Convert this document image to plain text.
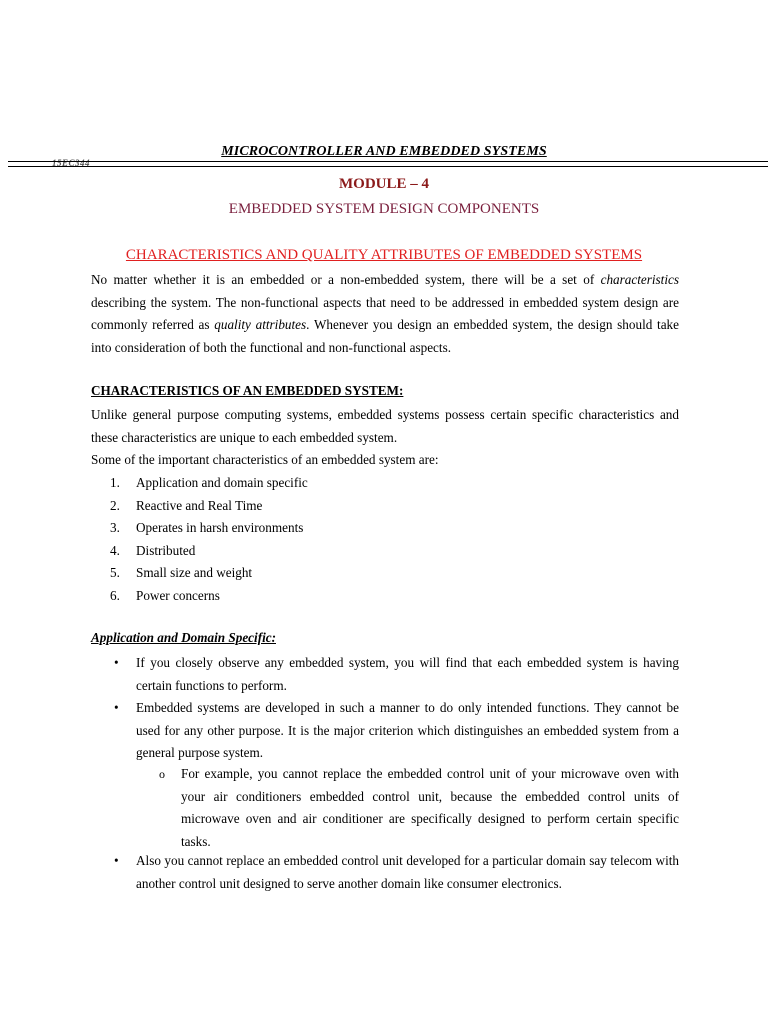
MICROCONTROLLER AND EMBEDDED SYSTEMS
15EC344
MODULE – 4
EMBEDDED SYSTEM DESIGN COMPONENTS
CHARACTERISTICS AND QUALITY ATTRIBUTES OF EMBEDDED SYSTEMS
No matter whether it is an embedded or a non-embedded system, there will be a set of characteristics describing the system. The non-functional aspects that need to be addressed in embedded system design are commonly referred as quality attributes. Whenever you design an embedded system, the design should take into consideration of both the functional and non-functional aspects.
CHARACTERISTICS OF AN EMBEDDED SYSTEM:
Unlike general purpose computing systems, embedded systems possess certain specific characteristics and these characteristics are unique to each embedded system.
Some of the important characteristics of an embedded system are:
1. Application and domain specific
2. Reactive and Real Time
3. Operates in harsh environments
4. Distributed
5. Small size and weight
6. Power concerns
Application and Domain Specific:
• If you closely observe any embedded system, you will find that each embedded system is having certain functions to perform.
• Embedded systems are developed in such a manner to do only intended functions. They cannot be used for any other purpose. It is the major criterion which distinguishes an embedded system from a general purpose system.
o For example, you cannot replace the embedded control unit of your microwave oven with your air conditioners embedded control unit, because the embedded control units of microwave oven and air conditioner are specifically designed to perform certain specific tasks.
• Also you cannot replace an embedded control unit developed for a particular domain say telecom with another control unit designed to serve another domain like consumer electronics.
